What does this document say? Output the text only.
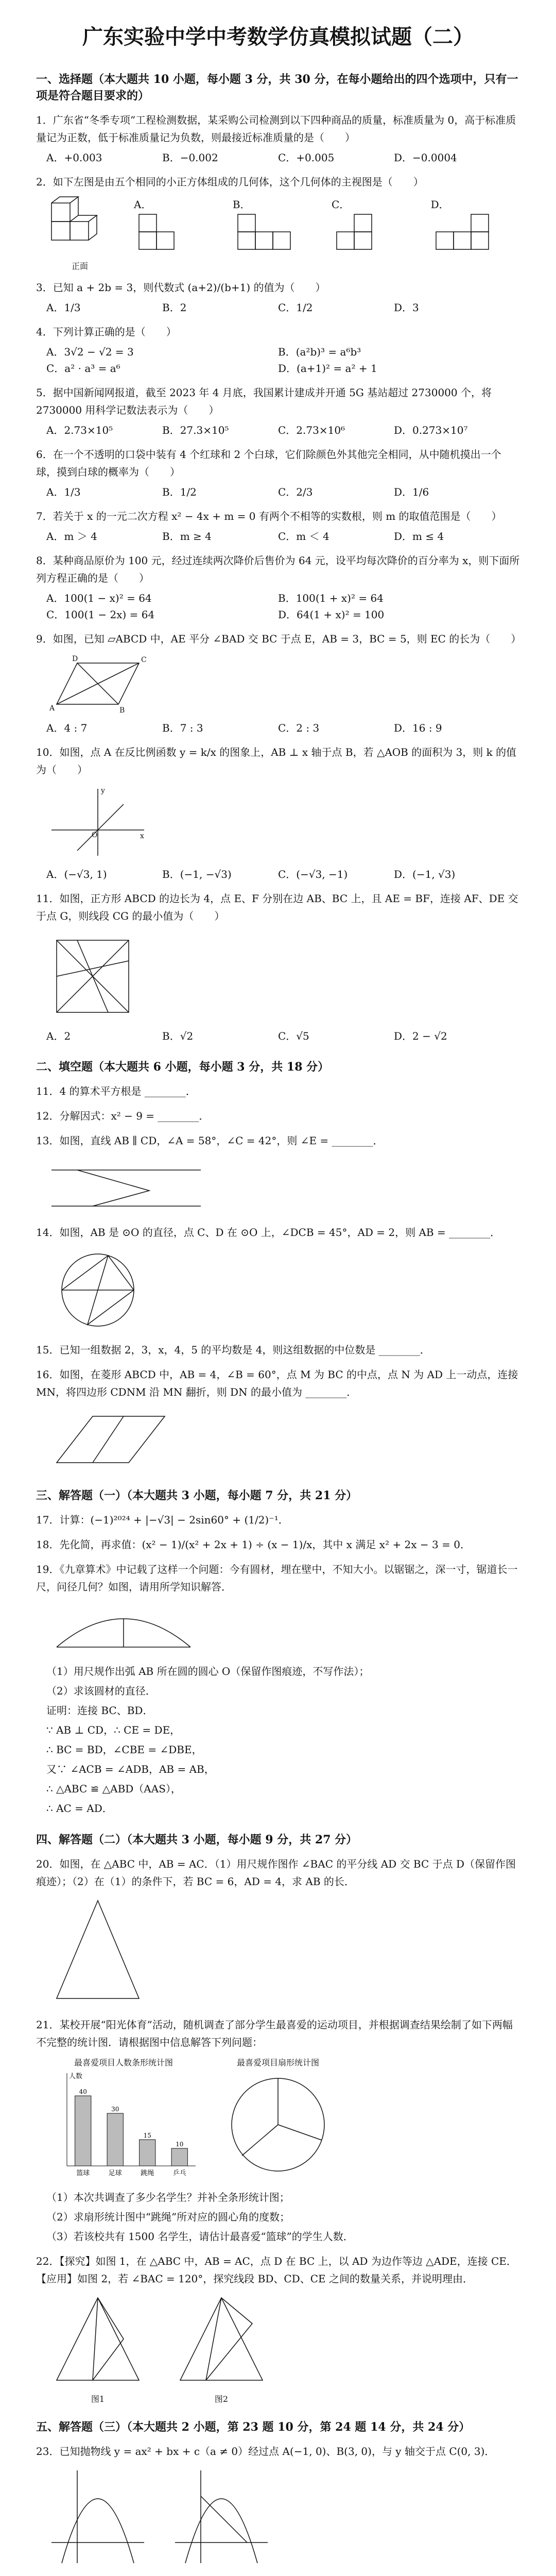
广东实验中学中考数学仿真模拟试题（二）
一、选择题（本大题共 10 小题，每小题 3 分，共 30 分，在每小题给出的四个选项中，只有一项是符合题目要求的）
1．广东省“冬季专项”工程检测数据，某采购公司检测到以下四种商品的质量，标准质量为 0，高于标准质量记为正数，低于标准质量记为负数，则最接近标准质量的是（　　）
A．+0.003	B．−0.002	C．+0.005	D．−0.0004
2．如下左图是由五个相同的小正方体组成的几何体，这个几何体的主视图是（　　）
A．	B．	C．	D．
正面
3．已知 a + 2b = 3，则代数式 (a+2)/(b+1) 的值为（　　）
A．1/3	B．2	C．1/2	D．3
4．下列计算正确的是（　　）
A．3√2 − √2 = 3	B．(a²b)³ = a⁶b³
C．a² · a³ = a⁶	D．(a+1)² = a² + 1
5．据中国新闻网报道，截至 2023 年 4 月底，我国累计建成并开通 5G 基站超过 2730000 个，将 2730000 用科学记数法表示为（　　）
A．2.73×10⁵	B．27.3×10⁵	C．2.73×10⁶	D．0.273×10⁷
6．在一个不透明的口袋中装有 4 个红球和 2 个白球，它们除颜色外其他完全相同，从中随机摸出一个球，摸到白球的概率为（　　）
A．1/3	B．1/2	C．2/3	D．1/6
7．若关于 x 的一元二次方程 x² − 4x + m = 0 有两个不相等的实数根，则 m 的取值范围是（　　）
A．m ＞ 4	B．m ≥ 4	C．m ＜ 4	D．m ≤ 4
8．某种商品原价为 100 元，经过连续两次降价后售价为 64 元，设平均每次降价的百分率为 x，则下面所列方程正确的是（　　）
A．100(1 − x)² = 64	B．100(1 + x)² = 64
C．100(1 − 2x) = 64	D．64(1 + x)² = 100
9．如图，已知 ▱ABCD 中，AE 平分 ∠BAD 交 BC 于点 E，AB = 3，BC = 5，则 EC 的长为（　　）
A	B
C
D
A．4 : 7	B．7 : 3	C．2 : 3	D．16 : 9
10．如图，点 A 在反比例函数 y = k/x 的图象上，AB ⊥ x 轴于点 B，若 △AOB 的面积为 3，则 k 的值为（　　）
x
y
O
A．(−√3, 1)	B．(−1, −√3)	C．(−√3, −1)	D．(−1, √3)
11．如图，正方形 ABCD 的边长为 4，点 E、F 分别在边 AB、BC 上，且 AE = BF，连接 AF、DE 交于点 G，则线段 CG 的最小值为（　　）
A．2	B．√2	C．√5	D．2 − √2
二、填空题（本大题共 6 小题，每小题 3 分，共 18 分）
11．4 的算术平方根是 ________．
12．分解因式：x² − 9 = ________．
13．如图，直线 AB ∥ CD，∠A = 58°，∠C = 42°，则 ∠E = ________．
14．如图，AB 是 ⊙O 的直径，点 C、D 在 ⊙O 上，∠DCB = 45°，AD = 2，则 AB = ________．
15．已知一组数据 2，3，x，4，5 的平均数是 4，则这组数据的中位数是 ________．
16．如图，在菱形 ABCD 中，AB = 4，∠B = 60°，点 M 为 BC 的中点，点 N 为 AD 上一动点，连接 MN，将四边形 CDNM 沿 MN 翻折，则 DN 的最小值为 ________．
三、解答题（一）（本大题共 3 小题，每小题 7 分，共 21 分）
17．计算：(−1)²⁰²⁴ + |−√3| − 2sin60° + (1/2)⁻¹．
18．先化简，再求值：(x² − 1)/(x² + 2x + 1) ÷ (x − 1)/x，其中 x 满足 x² + 2x − 3 = 0．
19．《九章算术》中记载了这样一个问题：今有圆材，埋在壁中，不知大小。以锯锯之，深一寸，锯道长一尺，问径几何？如图，请用所学知识解答．
（1）用尺规作出弧 AB 所在圆的圆心 O（保留作图痕迹，不写作法）；
（2）求该圆材的直径．
证明：连接 BC、BD．
∵ AB ⊥ CD，∴ CE = DE，
∴ BC = BD，∠CBE = ∠DBE，
又∵ ∠ACB = ∠ADB，AB = AB，
∴ △ABC ≌ △ABD（AAS），
∴ AC = AD．
四、解答题（二）（本大题共 3 小题，每小题 9 分，共 27 分）
20．如图，在 △ABC 中，AB = AC．（1）用尺规作图作 ∠BAC 的平分线 AD 交 BC 于点 D（保留作图痕迹）；（2）在（1）的条件下，若 BC = 6，AD = 4，求 AB 的长．
21．某校开展“阳光体育”活动，随机调查了部分学生最喜爱的运动项目，并根据调查结果绘制了如下两幅不完整的统计图．请根据图中信息解答下列问题：
最喜爱项目人数条形统计图
篮球
40
足球
30
跳绳
15
乒乓
10
人数
最喜爱项目扇形统计图
（1）本次共调查了多少名学生？并补全条形统计图；
（2）求扇形统计图中“跳绳”所对应的圆心角的度数；
（3）若该校共有 1500 名学生，请估计最喜爱“篮球”的学生人数．
22．【探究】如图 1，在 △ABC 中，AB = AC，点 D 在 BC 上，以 AD 为边作等边 △ADE，连接 CE．【应用】如图 2，若 ∠BAC = 120°，探究线段 BD、CD、CE 之间的数量关系，并说明理由．
图1	图2
五、解答题（三）（本大题共 2 小题，第 23 题 10 分，第 24 题 14 分，共 24 分）
23．已知抛物线 y = ax² + bx + c（a ≠ 0）经过点 A(−1, 0)、B(3, 0)，与 y 轴交于点 C(0, 3)．
